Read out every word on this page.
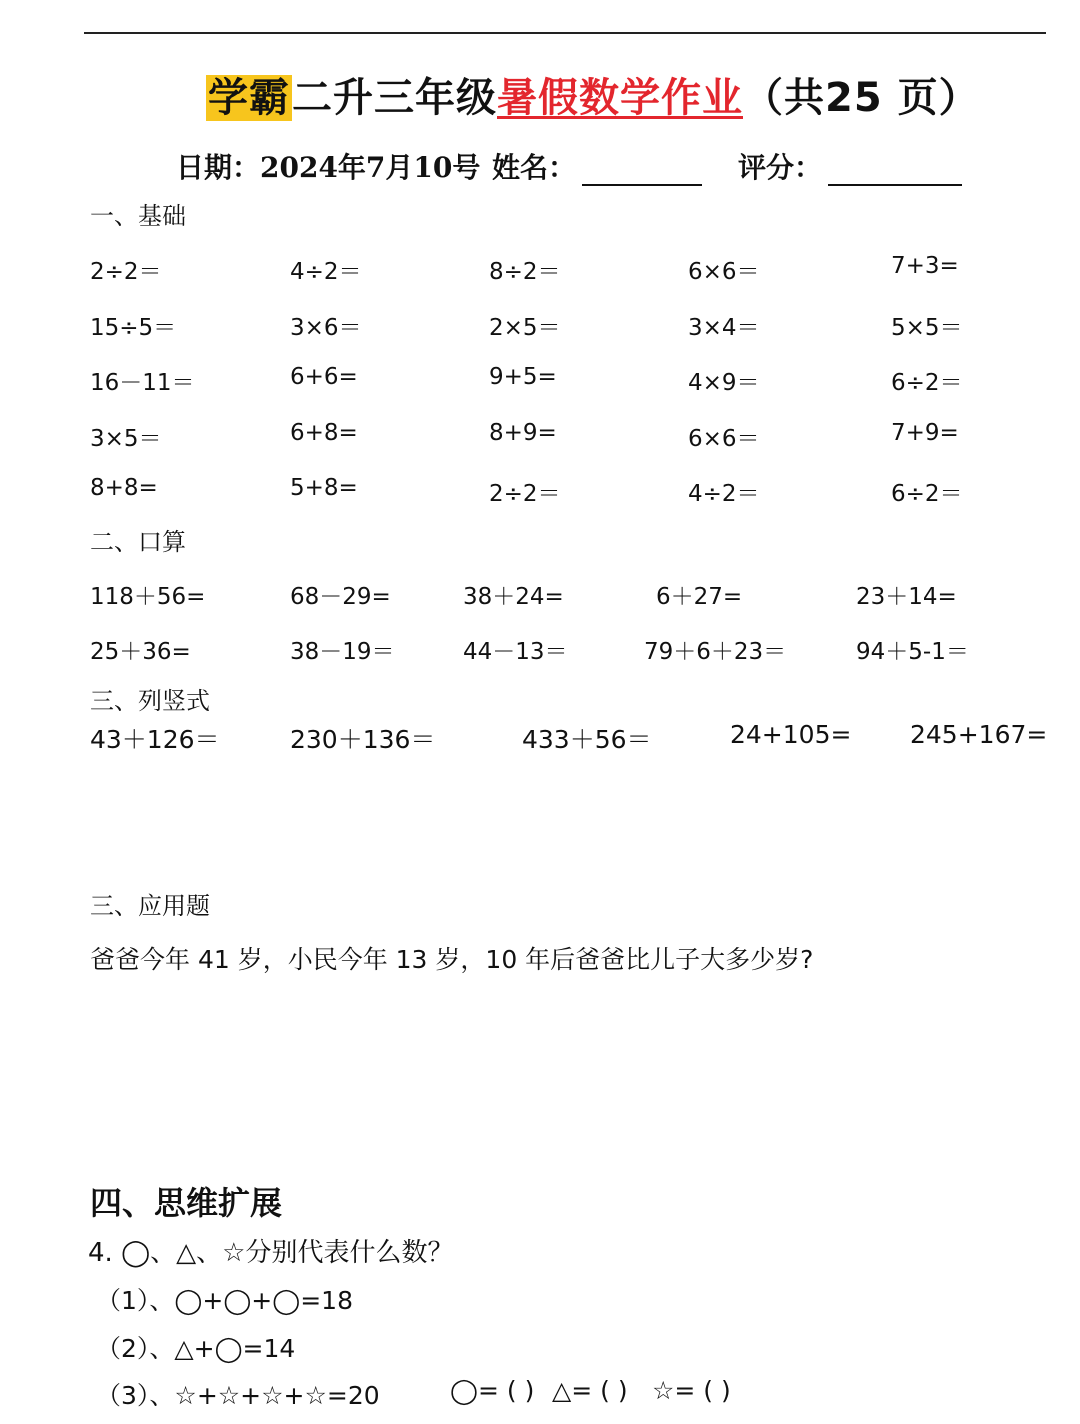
学霸二升三年级暑假数学作业（共25 页）
日期：2024年7月10号 姓名：	评分：
一、基础
2÷2＝	4÷2＝	8÷2＝	6×6＝	7+3=
15÷5＝	3×6＝	2×5＝	3×4＝	5×5＝
16－11＝	6+6=	9+5=	4×9＝	6÷2＝
3×5＝	6+8=	8+9=	6×6＝	7+9=
8+8=	5+8=	2÷2＝	4÷2＝	6÷2＝
二、口算
118＋56=	68－29=	38＋24=	6＋27=	23＋14=
25＋36=	38－19＝	44－13＝	79＋6＋23＝	94＋5-1＝
三、列竖式
43＋126＝	230＋136＝	433＋56＝	24+105= 245+167=
三、应用题
爸爸今年 41 岁，小民今年 13 岁，10 年后爸爸比儿子大多少岁?
四、思维扩展
4. ◯、△、☆分别代表什么数？
（1）、◯+◯+◯=18
（2）、△+◯=14
（3）、☆+☆+☆+☆=20	◯= ( ) △= ( ) ☆= ( )
